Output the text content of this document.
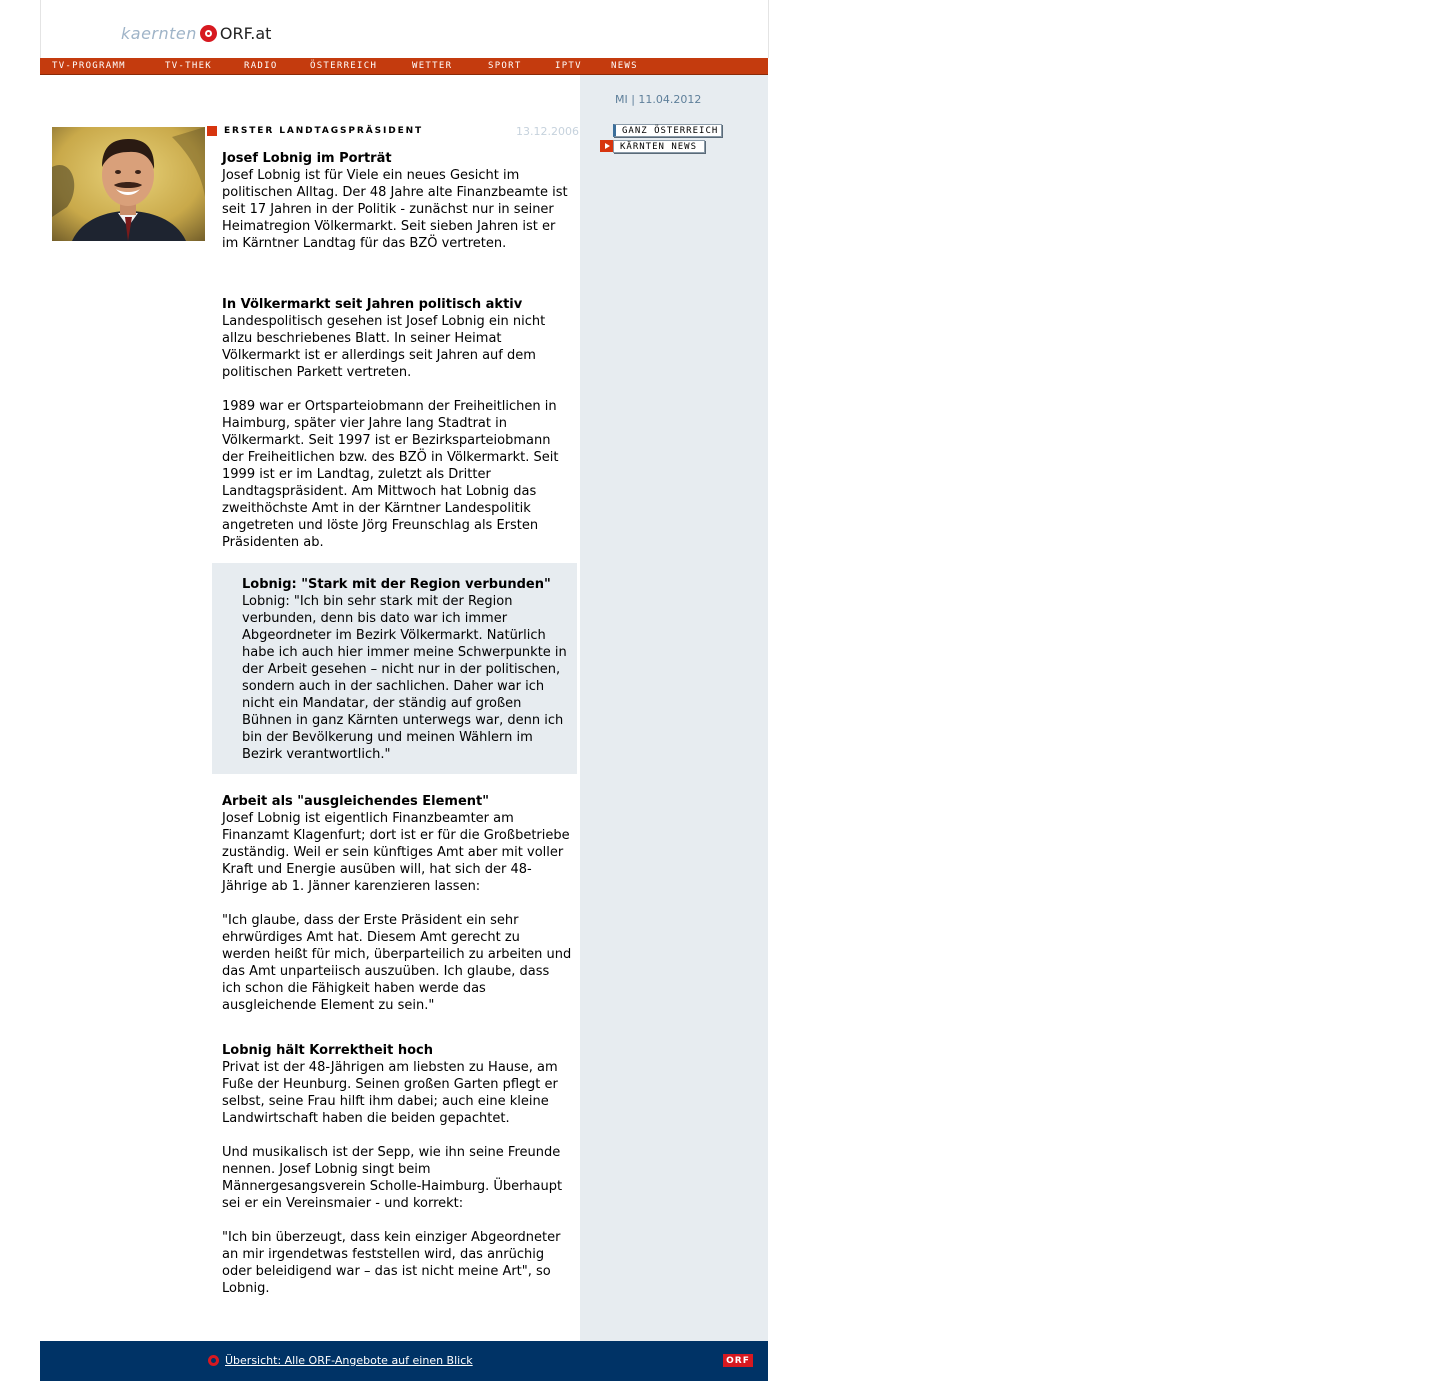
kaernten ORF.at
TV-PROGRAMM	TV-THEK	RADIO	ÖSTERREICH	WETTER	SPORT	IPTV	NEWS
MI | 11.04.2012
GANZ ÖSTERREICH
KÄRNTEN NEWS
ERSTER LANDTAGSPRÄSIDENT	13.12.2006
Josef Lobnig im Porträt

Josef Lobnig ist für Viele ein neues Gesicht im politischen Alltag. Der 48 Jahre alte Finanzbeamte ist seit 17 Jahren in der Politik - zunächst nur in seiner Heimatregion Völkermarkt. Seit sieben Jahren ist er im Kärntner Landtag für das BZÖ vertreten.

In Völkermarkt seit Jahren politisch aktiv

Landespolitisch gesehen ist Josef Lobnig ein nicht allzu beschriebenes Blatt. In seiner Heimat Völkermarkt ist er allerdings seit Jahren auf dem politischen Parkett vertreten.

1989 war er Ortsparteiobmann der Freiheitlichen in Haimburg, später vier Jahre lang Stadtrat in Völkermarkt. Seit 1997 ist er Bezirksparteiobmann der Freiheitlichen bzw. des BZÖ in Völkermarkt. Seit 1999 ist er im Landtag, zuletzt als Dritter Landtagspräsident. Am Mittwoch hat Lobnig das zweithöchste Amt in der Kärntner Landespolitik angetreten und löste Jörg Freunschlag als Ersten Präsidenten ab.

Lobnig: "Stark mit der Region verbunden"

Lobnig: "Ich bin sehr stark mit der Region verbunden, denn bis dato war ich immer Abgeordneter im Bezirk Völkermarkt. Natürlich habe ich auch hier immer meine Schwerpunkte in der Arbeit gesehen – nicht nur in der politischen, sondern auch in der sachlichen. Daher war ich nicht ein Mandatar, der ständig auf großen Bühnen in ganz Kärnten unterwegs war, denn ich bin der Bevölkerung und meinen Wählern im Bezirk verantwortlich."

Arbeit als "ausgleichendes Element"

Josef Lobnig ist eigentlich Finanzbeamter am Finanzamt Klagenfurt; dort ist er für die Großbetriebe zuständig. Weil er sein künftiges Amt aber mit voller Kraft und Energie ausüben will, hat sich der 48-Jährige ab 1. Jänner karenzieren lassen:

"Ich glaube, dass der Erste Präsident ein sehr ehrwürdiges Amt hat. Diesem Amt gerecht zu werden heißt für mich, überparteilich zu arbeiten und das Amt unparteiisch auszuüben. Ich glaube, dass ich schon die Fähigkeit haben werde das ausgleichende Element zu sein."

Lobnig hält Korrektheit hoch

Privat ist der 48-Jährigen am liebsten zu Hause, am Fuße der Heunburg. Seinen großen Garten pflegt er selbst, seine Frau hilft ihm dabei; auch eine kleine Landwirtschaft haben die beiden gepachtet.

Und musikalisch ist der Sepp, wie ihn seine Freunde nennen. Josef Lobnig singt beim Männergesangsverein Scholle-Haimburg. Überhaupt sei er ein Vereinsmaier - und korrekt:

"Ich bin überzeugt, dass kein einziger Abgeordneter an mir irgendetwas feststellen wird, das anrüchig oder beleidigend war – das ist nicht meine Art", so Lobnig.

Übersicht: Alle ORF-Angebote auf einen Blick	ORF
